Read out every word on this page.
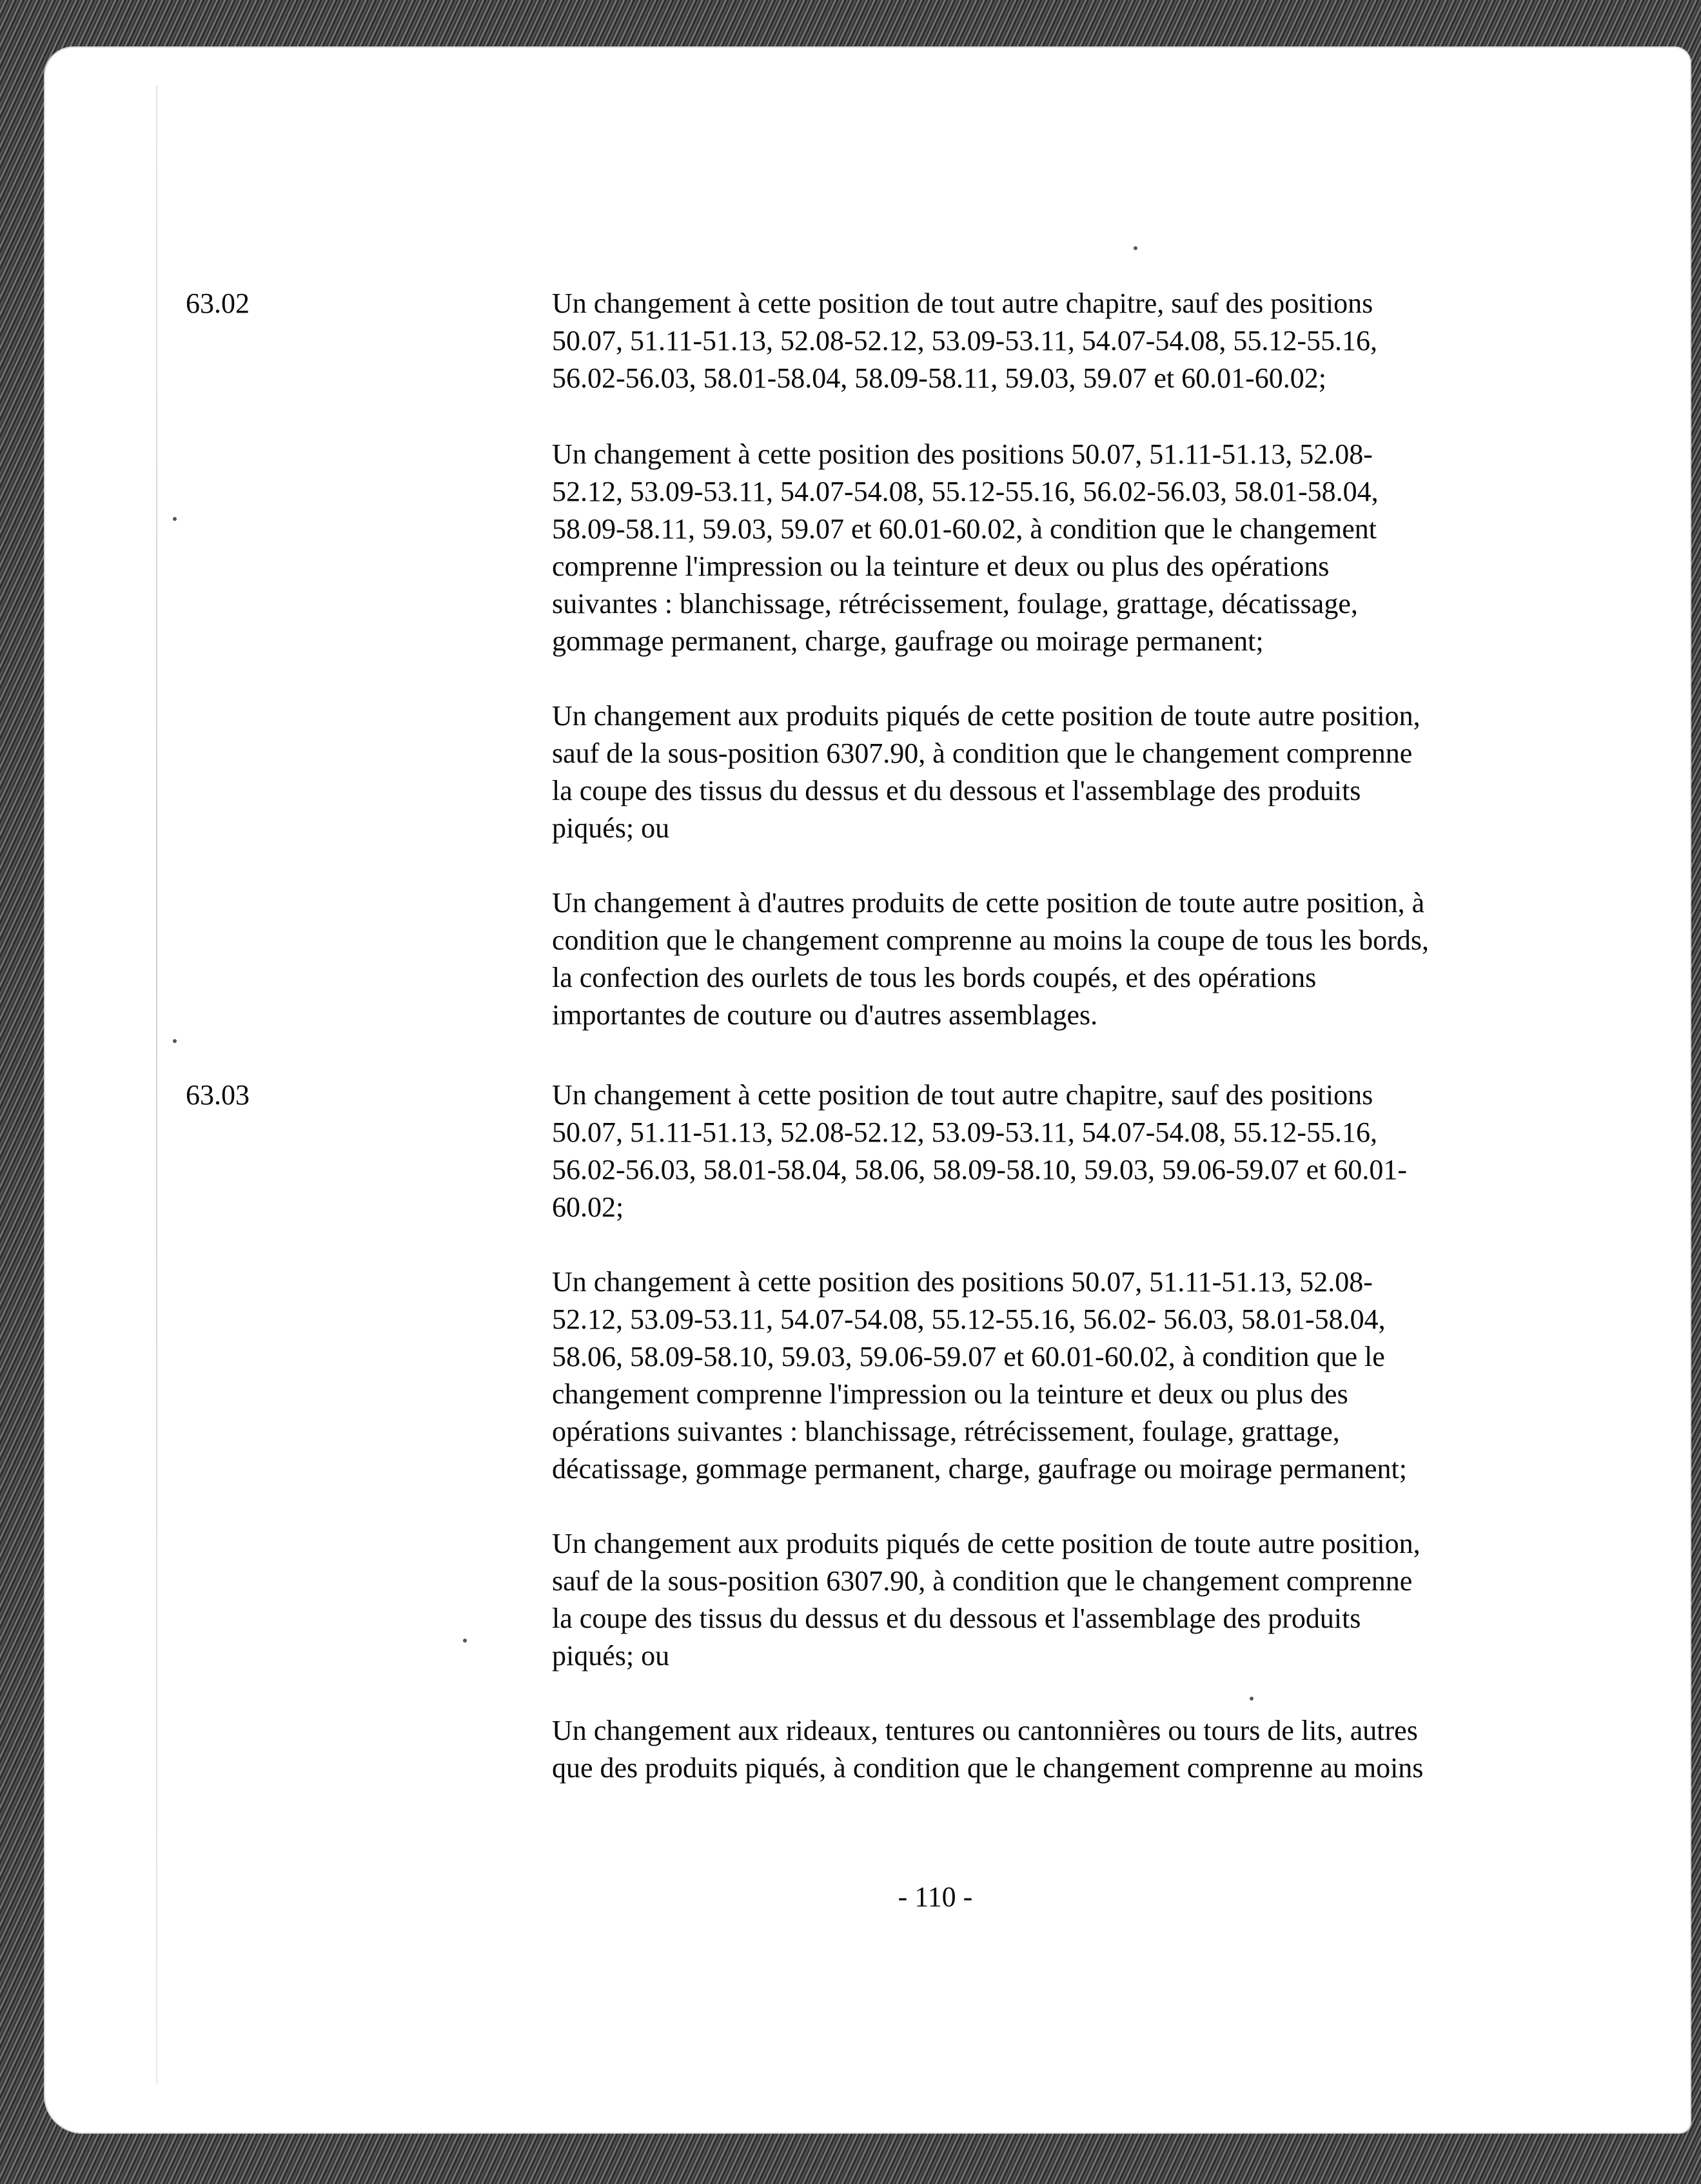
63.02	Un changement à cette position de tout autre chapitre, sauf des positions
50.07, 51.11-51.13, 52.08-52.12, 53.09-53.11, 54.07-54.08, 55.12-55.16,
56.02-56.03, 58.01-58.04, 58.09-58.11, 59.03, 59.07 et 60.01-60.02;

Un changement à cette position des positions 50.07, 51.11-51.13, 52.08-
52.12, 53.09-53.11, 54.07-54.08, 55.12-55.16, 56.02-56.03, 58.01-58.04,
58.09-58.11, 59.03, 59.07 et 60.01-60.02, à condition que le changement
comprenne l'impression ou la teinture et deux ou plus des opérations
suivantes : blanchissage, rétrécissement, foulage, grattage, décatissage,
gommage permanent, charge, gaufrage ou moirage permanent;

Un changement aux produits piqués de cette position de toute autre position,
sauf de la sous-position 6307.90, à condition que le changement comprenne
la coupe des tissus du dessus et du dessous et l'assemblage des produits
piqués; ou

Un changement à d'autres produits de cette position de toute autre position, à
condition que le changement comprenne au moins la coupe de tous les bords,
la confection des ourlets de tous les bords coupés, et des opérations
importantes de couture ou d'autres assemblages.

63.03	Un changement à cette position de tout autre chapitre, sauf des positions
50.07, 51.11-51.13, 52.08-52.12, 53.09-53.11, 54.07-54.08, 55.12-55.16,
56.02-56.03, 58.01-58.04, 58.06, 58.09-58.10, 59.03, 59.06-59.07 et 60.01-
60.02;

Un changement à cette position des positions 50.07, 51.11-51.13, 52.08-
52.12, 53.09-53.11, 54.07-54.08, 55.12-55.16, 56.02- 56.03, 58.01-58.04,
58.06, 58.09-58.10, 59.03, 59.06-59.07 et 60.01-60.02, à condition que le
changement comprenne l'impression ou la teinture et deux ou plus des
opérations suivantes : blanchissage, rétrécissement, foulage, grattage,
décatissage, gommage permanent, charge, gaufrage ou moirage permanent;

Un changement aux produits piqués de cette position de toute autre position,
sauf de la sous-position 6307.90, à condition que le changement comprenne
la coupe des tissus du dessus et du dessous et l'assemblage des produits
piqués; ou

Un changement aux rideaux, tentures ou cantonnières ou tours de lits, autres
que des produits piqués, à condition que le changement comprenne au moins

- 110 -
